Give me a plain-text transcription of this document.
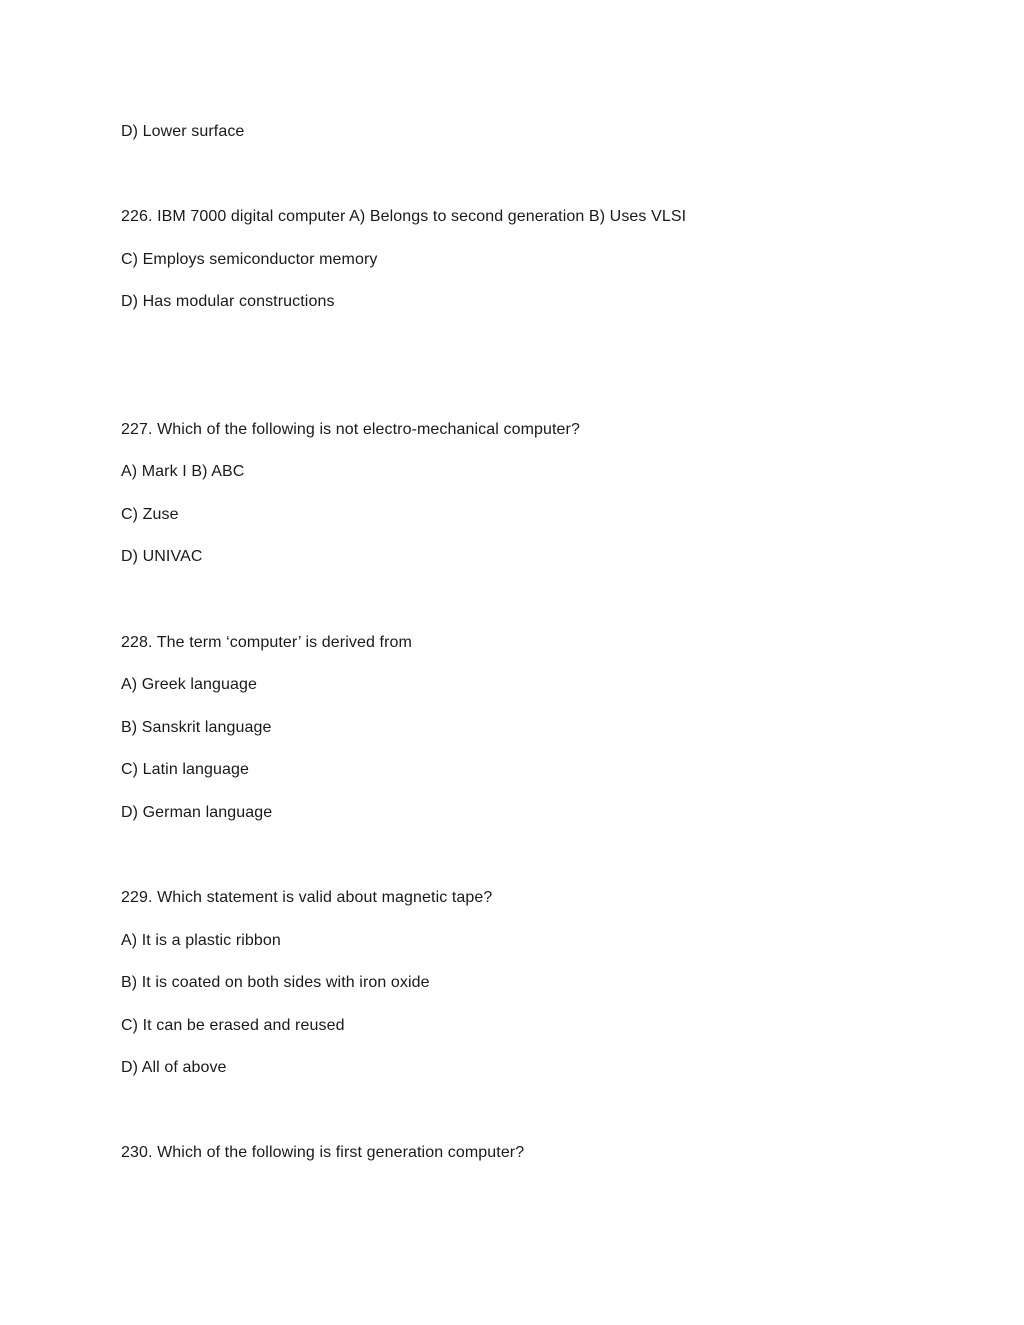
D) Lower surface
226. IBM 7000 digital computer A) Belongs to second generation B) Uses VLSI
C) Employs semiconductor memory
D) Has modular constructions
227. Which of the following is not electro-mechanical computer?
A) Mark I B) ABC
C) Zuse
D) UNIVAC
228. The term ‘computer’ is derived from
A) Greek language
B) Sanskrit language
C) Latin language
D) German language
229. Which statement is valid about magnetic tape?
A) It is a plastic ribbon
B) It is coated on both sides with iron oxide
C) It can be erased and reused
D) All of above
230. Which of the following is first generation computer?
